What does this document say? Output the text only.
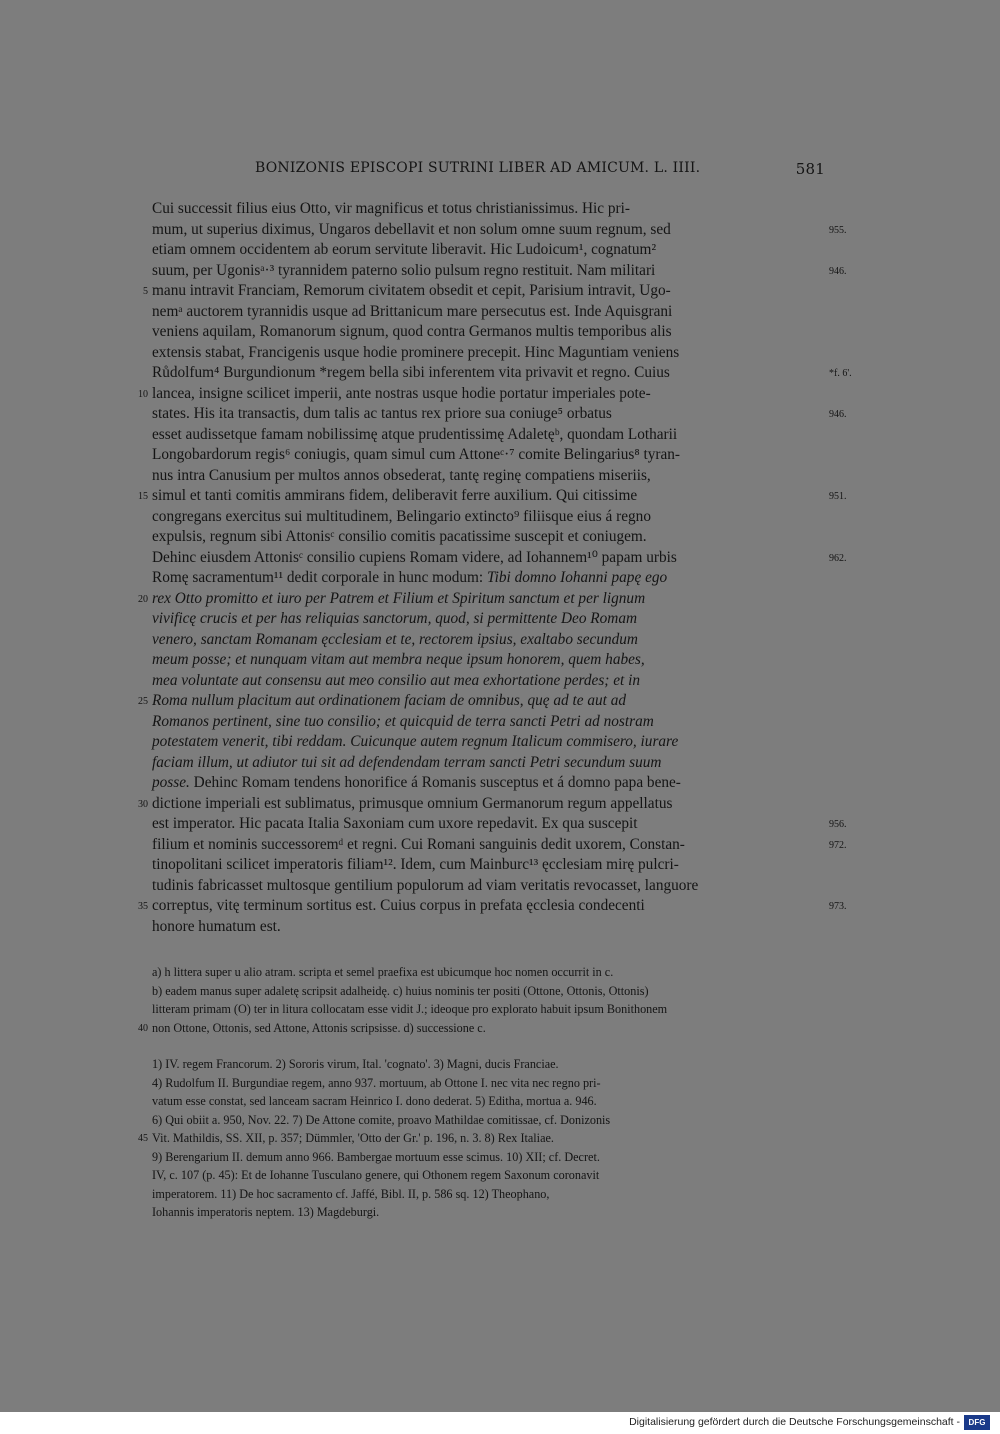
BONIZONIS EPISCOPI SUTRINI LIBER AD AMICUM. L. IIII.	581
Cui successit filius eius Otto, vir magnificus et totus christianissimus. Hic pri-
mum, ut superius diximus, Ungaros debellavit et non solum omne suum regnum, sed	955.
etiam omnem occidentem ab eorum servitute liberavit. Hic Ludoicum¹, cognatum²
suum, per Ugonisᵃ·³ tyrannidem paterno solio pulsum regno restituit. Nam militari	946.
manu intravit Franciam, Remorum civitatem obsedit et cepit, Parisium intravit, Ugo-
5
nemᵃ auctorem tyrannidis usque ad Brittanicum mare persecutus est. Inde Aquisgrani
veniens aquilam, Romanorum signum, quod contra Germanos multis temporibus alis
extensis stabat, Francigenis usque hodie prominere precepit. Hinc Maguntiam veniens
Růdolfum⁴ Burgundionum *regem bella sibi inferentem vita privavit et regno. Cuius	*f. 6'.
lancea, insigne scilicet imperii, ante nostras usque hodie portatur imperiales pote-
10
states. His ita transactis, dum talis ac tantus rex priore sua coniuge⁵ orbatus	946.
esset audissetque famam nobilissimę atque prudentissimę Adaletęᵇ, quondam Lotharii
Longobardorum regis⁶ coniugis, quam simul cum Attoneᶜ·⁷ comite Belingarius⁸ tyran-
nus intra Canusium per multos annos obsederat, tantę reginę compatiens miseriis,
simul et tanti comitis ammirans fidem, deliberavit ferre auxilium. Qui citissime
15	951.
congregans exercitus sui multitudinem, Belingario extincto⁹ filiisque eius á regno
expulsis, regnum sibi Attonisᶜ consilio comitis pacatissime suscepit et coniugem.
Dehinc eiusdem Attonisᶜ consilio cupiens Romam videre, ad Iohannem¹⁰ papam urbis	962.
Romę sacramentum¹¹ dedit corporale in hunc modum: Tibi domno Iohanni papę ego
rex Otto promitto et iuro per Patrem et Filium et Spiritum sanctum et per lignum
20
vivificę crucis et per has reliquias sanctorum, quod, si permittente Deo Romam
venero, sanctam Romanam ęcclesiam et te, rectorem ipsius, exaltabo secundum
meum posse; et nunquam vitam aut membra neque ipsum honorem, quem habes,
mea voluntate aut consensu aut meo consilio aut mea exhortatione perdes; et in
Roma nullum placitum aut ordinationem faciam de omnibus, quę ad te aut ad
25
Romanos pertinent, sine tuo consilio; et quicquid de terra sancti Petri ad nostram
potestatem venerit, tibi reddam. Cuicunque autem regnum Italicum commisero, iurare
faciam illum, ut adiutor tui sit ad defendendam terram sancti Petri secundum suum
posse. Dehinc Romam tendens honorifice á Romanis susceptus et á domno papa bene-
dictione imperiali est sublimatus, primusque omnium Germanorum regum appellatus
30
est imperator. Hic pacata Italia Saxoniam cum uxore repedavit. Ex qua suscepit	956.
filium et nominis successoremᵈ et regni. Cui Romani sanguinis dedit uxorem, Constan-	972.
tinopolitani scilicet imperatoris filiam¹². Idem, cum Mainburc¹³ ęcclesiam mirę pulcri-
tudinis fabricasset multosque gentilium populorum ad viam veritatis revocasset, languore
correptus, vitę terminum sortitus est. Cuius corpus in prefata ęcclesia condecenti
35	973.
honore humatum est.
a) h littera super u alio atram. scripta et semel praefixa est ubicumque hoc nomen occurrit in c.
b) eadem manus super adaletę scripsit adalheidę. c) huius nominis ter positi (Ottone, Ottonis, Ottonis)
litteram primam (O) ter in litura collocatam esse vidit J.; ideoque pro explorato habuit ipsum Bonithonem
non Ottone, Ottonis, sed Attone, Attonis scripsisse. d) successione c.
40
1) IV. regem Francorum. 2) Sororis virum, Ital. 'cognato'. 3) Magni, ducis Franciae.
4) Rudolfum II. Burgundiae regem, anno 937. mortuum, ab Ottone I. nec vita nec regno pri-
vatum esse constat, sed lanceam sacram Heinrico I. dono dederat. 5) Editha, mortua a. 946.
6) Qui obiit a. 950, Nov. 22. 7) De Attone comite, proavo Mathildae comitissae, cf. Donizonis
Vit. Mathildis, SS. XII, p. 357; Dümmler, 'Otto der Gr.' p. 196, n. 3. 8) Rex Italiae.
45
9) Berengarium II. demum anno 966. Bambergae mortuum esse scimus. 10) XII; cf. Decret.
IV, c. 107 (p. 45): Et de Iohanne Tusculano genere, qui Othonem regem Saxonum coronavit
imperatorem. 11) De hoc sacramento cf. Jaffé, Bibl. II, p. 586 sq. 12) Theophano,
Iohannis imperatoris neptem. 13) Magdeburgi.
Digitalisierung gefördert durch die Deutsche Forschungsgemeinschaft -	DFG
